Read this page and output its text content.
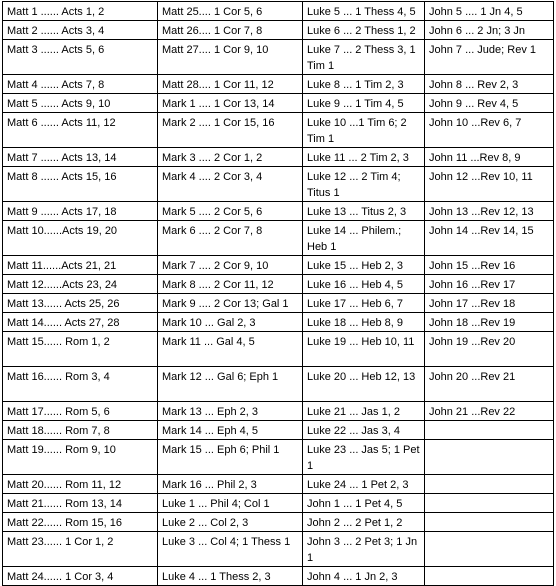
Matt 1 ...... Acts 1, 2	Matt 25.... 1 Cor 5, 6	Luke 5 ... 1 Thess 4, 5	John 5 .... 1 Jn 4, 5
Matt 2 ...... Acts 3, 4	Matt 26.... 1 Cor 7, 8	Luke 6 ... 2 Thess 1, 2	John 6 ... 2 Jn; 3 Jn
Matt 3 ...... Acts 5, 6	Matt 27.... 1 Cor 9, 10	Luke 7 ... 2 Thess 3, 1 Tim 1	John 7 ... Jude; Rev 1
Matt 4 ...... Acts 7, 8	Matt 28.... 1 Cor 11, 12	Luke 8 ... 1 Tim 2, 3	John 8 ... Rev 2, 3
Matt 5 ...... Acts 9, 10	Mark 1 .... 1 Cor 13, 14	Luke 9 ... 1 Tim 4, 5	John 9 ... Rev 4, 5
Matt 6 ...... Acts 11, 12	Mark 2 .... 1 Cor 15, 16	Luke 10 ...1 Tim 6; 2 Tim 1	John 10 ...Rev 6, 7
Matt 7 ...... Acts 13, 14	Mark 3 .... 2 Cor 1, 2	Luke 11 ... 2 Tim 2, 3	John 11 ...Rev 8, 9
Matt 8 ...... Acts 15, 16	Mark 4 .... 2 Cor 3, 4	Luke 12 ... 2 Tim 4; Titus 1	John 12 ...Rev 10, 11
Matt 9 ...... Acts 17, 18	Mark 5 .... 2 Cor 5, 6	Luke 13 ... Titus 2, 3	John 13 ...Rev 12, 13
Matt 10......Acts 19, 20	Mark 6 .... 2 Cor 7, 8	Luke 14 ... Philem.; Heb 1	John 14 ...Rev 14, 15
Matt 11......Acts 21, 21	Mark 7 .... 2 Cor 9, 10	Luke 15 ... Heb 2, 3	John 15 ...Rev 16
Matt 12......Acts 23, 24	Mark 8 .... 2 Cor 11, 12	Luke 16 ... Heb 4, 5	John 16 ...Rev 17
Matt 13...... Acts 25, 26	Mark 9 .... 2 Cor 13; Gal 1	Luke 17 ... Heb 6, 7	John 17 ...Rev 18
Matt 14...... Acts 27, 28	Mark 10 ... Gal 2, 3	Luke 18 ... Heb 8, 9	John 18 ...Rev 19
Matt 15...... Rom 1, 2	Mark 11 ... Gal 4, 5	Luke 19 ... Heb 10, 11	John 19 ...Rev 20
Matt 16...... Rom 3, 4	Mark 12 ... Gal 6; Eph 1	Luke 20 ... Heb 12, 13	John 20 ...Rev 21
Matt 17...... Rom 5, 6	Mark 13 ... Eph 2, 3	Luke 21 ... Jas 1, 2	John 21 ...Rev 22
Matt 18...... Rom 7, 8	Mark 14 ... Eph 4, 5	Luke 22 ... Jas 3, 4	
Matt 19...... Rom 9, 10	Mark 15 ... Eph 6; Phil 1	Luke 23 ... Jas 5; 1 Pet 1	
Matt 20...... Rom 11, 12	Mark 16 ... Phil 2, 3	Luke 24 ... 1 Pet 2, 3	
Matt 21...... Rom 13, 14	Luke 1 ... Phil 4; Col 1	John 1 ... 1 Pet 4, 5	
Matt 22...... Rom 15, 16	Luke 2 ... Col 2, 3	John 2 ... 2 Pet 1, 2	
Matt 23...... 1 Cor 1, 2	Luke 3 ... Col 4; 1 Thess 1	John 3 ... 2 Pet 3; 1 Jn 1	
Matt 24...... 1 Cor 3, 4	Luke 4 ... 1 Thess 2, 3	John 4 ... 1 Jn 2, 3	
